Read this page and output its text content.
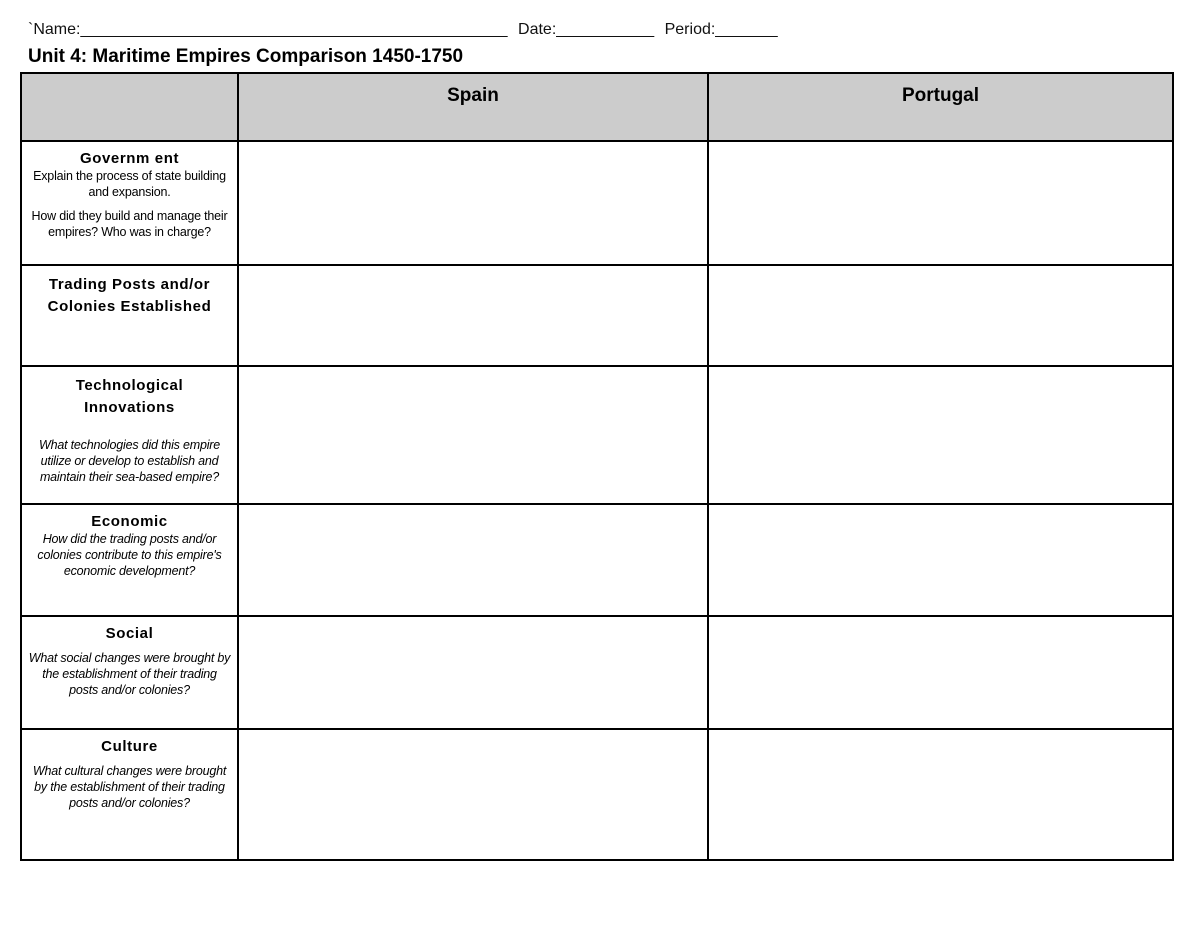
`Name:________________________________________________ Date:___________ Period:_______
Unit 4: Maritime Empires Comparison 1450-1750
	Spain	Portugal

Governm ent
Explain the process of state building and expansion.
How did they build and manage their empires? Who was in charge?		

Trading Posts and/or Colonies Established		

Technological Innovations
What technologies did this empire utilize or develop to establish and maintain their sea-based empire?		

Economic
How did the trading posts and/or colonies contribute to this empire's economic development?		

Social
What social changes were brought by the establishment of their trading posts and/or colonies?		

Culture
What cultural changes were brought by the establishment of their trading posts and/or colonies?		
